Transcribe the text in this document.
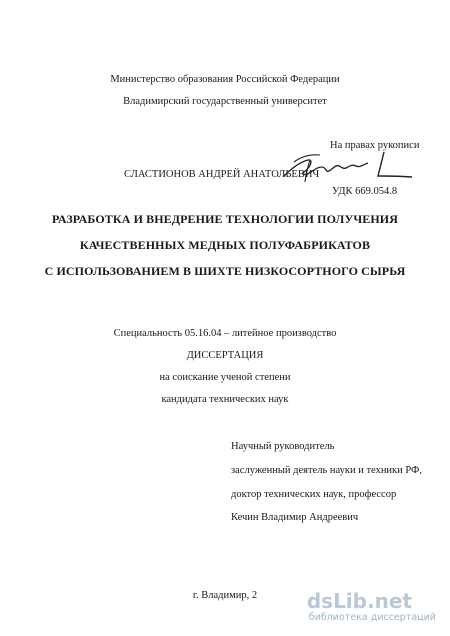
Министерство образования Российской Федерации
Владимирский государственный университет
На правах рукописи
СЛАСТИОНОВ АНДРЕЙ АНАТОЛЬЕВИЧ
УДК 669.054.8
РАЗРАБОТКА И ВНЕДРЕНИЕ ТЕХНОЛОГИИ ПОЛУЧЕНИЯ
КАЧЕСТВЕННЫХ МЕДНЫХ ПОЛУФАБРИКАТОВ
С ИСПОЛЬЗОВАНИЕМ В ШИХТЕ НИЗКОСОРТНОГО СЫРЬЯ
Специальность 05.16.04 – литейное производство
ДИССЕРТАЦИЯ
на соискание ученой степени
кандидата технических наук
Научный руководитель
заслуженный деятель науки и техники РФ,
доктор технических наук, профессор
Кечин Владимир Андреевич
г. Владимир, 2	dsLib.net
библиотека диссертаций
